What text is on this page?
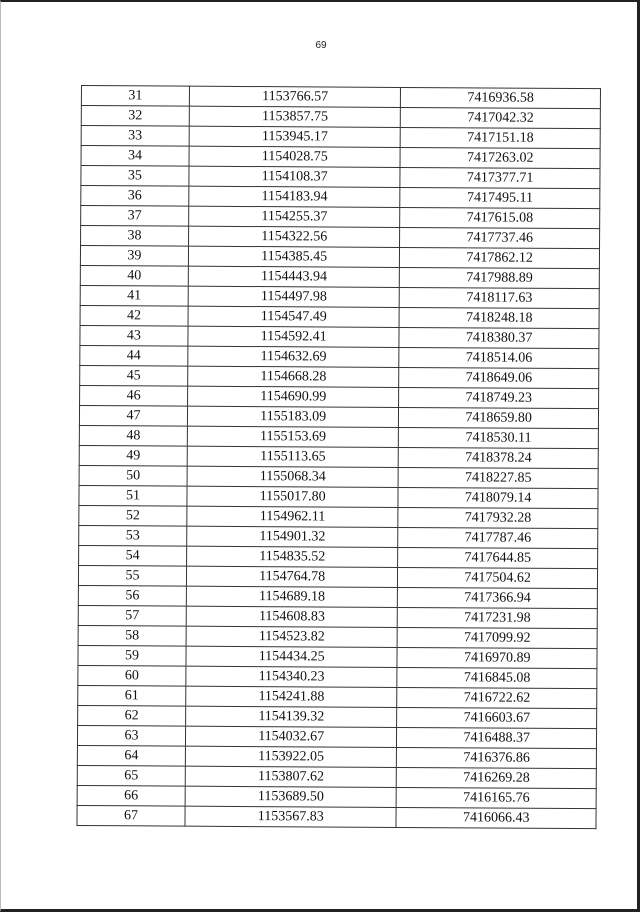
69
31	1153766.57	7416936.58
32	1153857.75	7417042.32
33	1153945.17	7417151.18
34	1154028.75	7417263.02
35	1154108.37	7417377.71
36	1154183.94	7417495.11
37	1154255.37	7417615.08
38	1154322.56	7417737.46
39	1154385.45	7417862.12
40	1154443.94	7417988.89
41	1154497.98	7418117.63
42	1154547.49	7418248.18
43	1154592.41	7418380.37
44	1154632.69	7418514.06
45	1154668.28	7418649.06
46	1154690.99	7418749.23
47	1155183.09	7418659.80
48	1155153.69	7418530.11
49	1155113.65	7418378.24
50	1155068.34	7418227.85
51	1155017.80	7418079.14
52	1154962.11	7417932.28
53	1154901.32	7417787.46
54	1154835.52	7417644.85
55	1154764.78	7417504.62
56	1154689.18	7417366.94
57	1154608.83	7417231.98
58	1154523.82	7417099.92
59	1154434.25	7416970.89
60	1154340.23	7416845.08
61	1154241.88	7416722.62
62	1154139.32	7416603.67
63	1154032.67	7416488.37
64	1153922.05	7416376.86
65	1153807.62	7416269.28
66	1153689.50	7416165.76
67	1153567.83	7416066.43
